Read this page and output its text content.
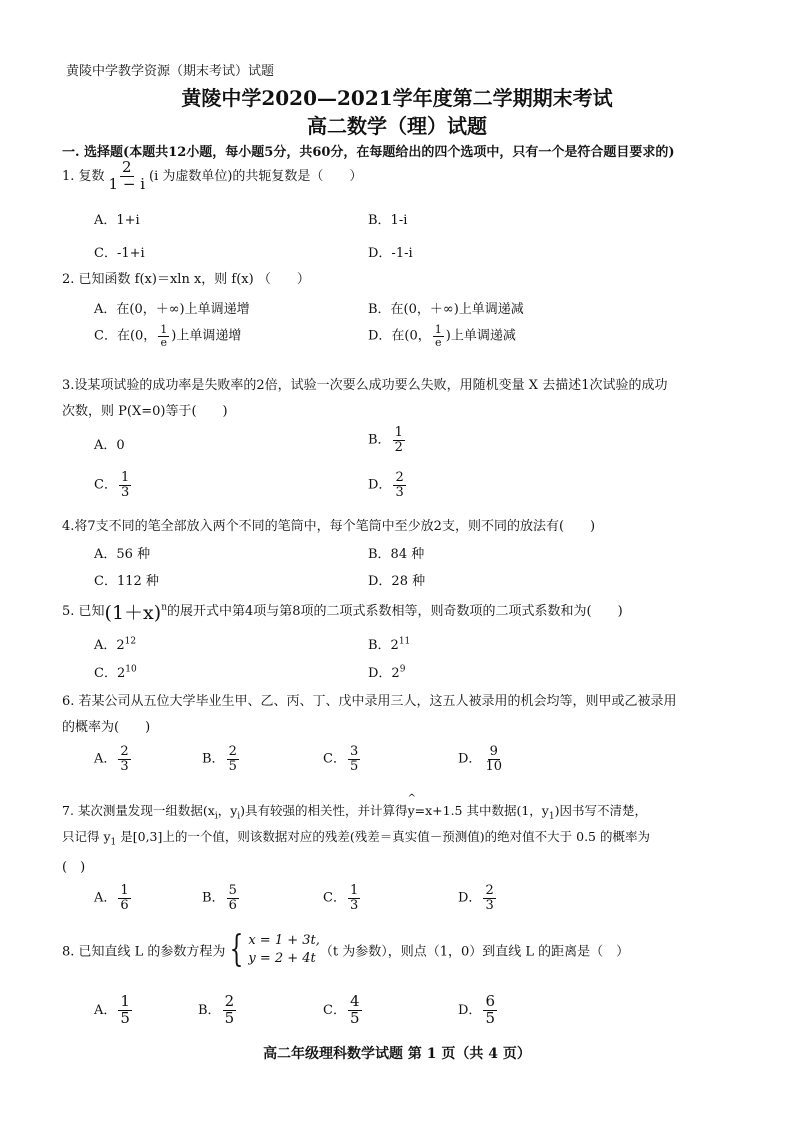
黄陵中学教学资源（期末考试）试题
黄陵中学2020—2021学年度第二学期期末考试
高二数学（理）试题
一. 选择题(本题共12小题，每小题5分，共60分，在每题给出的四个选项中，只有一个是符合题目要求的)
1. 复数 $\frac{2}{1 - i} (i$ 为虚数单位)的共轭复数是（　　）
A．1+i	B．1-i
C．-1+i	D．-1-i
2. 已知函数 f(x)＝xln x，则 f(x) （　　）
A．在(0，＋∞)上单调递增	B．在(0，＋∞)上单调递减
C．在(0， $\frac{1}{e}$ )上单调递增	D．在(0， $\frac{1}{e}$ )上单调递减
3.设某项试验的成功率是失败率的2倍，试验一次要么成功要么失败，用随机变量 X 去描述1次试验的成功
次数，则 P(X=0)等于(　　)
A．0	B． $\frac{1}{2}$
C． $\frac{1}{3}$	D． $\frac{2}{3}$
4.将7支不同的笔全部放入两个不同的笔筒中，每个笔筒中至少放2支，则不同的放法有(　　)
A．56 种	B．84 种
C．112 种	D．28 种
5. 已知$(1+x)^n$的展开式中第4项与第8项的二项式系数相等，则奇数项的二项式系数和为(　　)
A．$2^{12}$	B．$2^{11}$
C．$2^{10}$	D．$2^9$
6. 若某公司从五位大学毕业生甲、乙、丙、丁、戊中录用三人，这五人被录用的机会均等，则甲或乙被录用
的概率为(　　)
A． $\frac{2}{3}$	B． $\frac{2}{5}$	C． $\frac{3}{5}$	D． $\frac{9}{10}$
7. 某次测量发现一组数据($x_i$，$y_i$)具有较强的相关性，并计算得
^
y=x+1.5 其中数据(1，$y_1$)因书写不清楚，
只记得 $y_1$ 是[0,3]上的一个值，则该数据对应的残差(残差＝真实值－预测值)的绝对值不大于 0.5 的概率为
(　)
A． $\frac{1}{6}$	B． $\frac{5}{6}$	C． $\frac{1}{3}$	D． $\frac{2}{3}$
8. 已知直线 L 的参数方程为 { x = 1 + 3t,
y = 2 + 4t （t 为参数），则点（1，0）到直线 L 的距离是（　）
A． $\frac{1}{5}$	B． $\frac{2}{5}$	C． $\frac{4}{5}$	D． $\frac{6}{5}$
高二年级理科数学试题 第 1 页（共 4 页）
